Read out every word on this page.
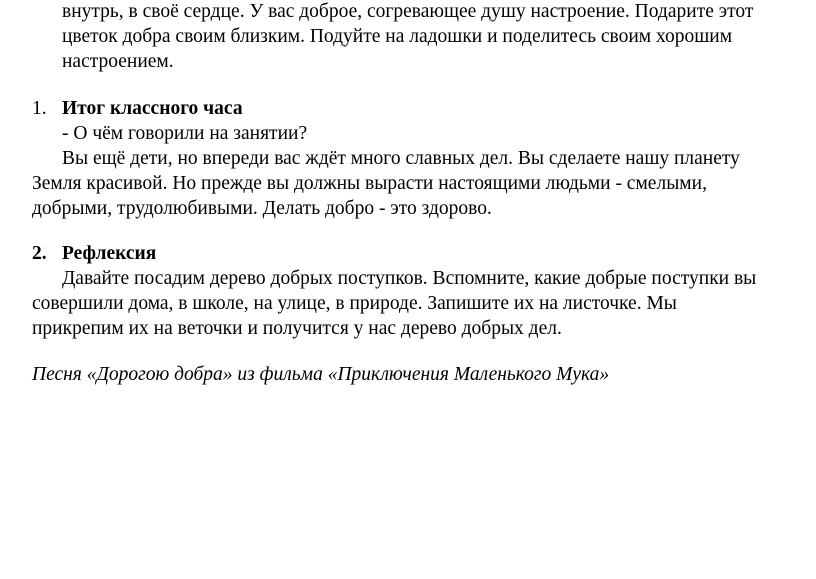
внутрь, в своё сердце. У вас доброе, согревающее душу настроение. Подарите этот
цветок добра своим близким. Подуйте на ладошки и поделитесь своим хорошим
настроением.
1. Итог классного часа
- О чём говорили на занятии?
Вы ещё дети, но впереди вас ждёт много славных дел. Вы сделаете нашу планету
Земля красивой. Но прежде вы должны вырасти настоящими людьми - смелыми,
добрыми, трудолюбивыми. Делать добро - это здорово.
2. Рефлексия
Давайте посадим дерево добрых поступков. Вспомните, какие добрые поступки вы
совершили дома, в школе, на улице, в природе. Запишите их на листочке. Мы
прикрепим их на веточки и получится у нас дерево добрых дел.
Песня «Дорогою добра» из фильма «Приключения Маленького Мука»
